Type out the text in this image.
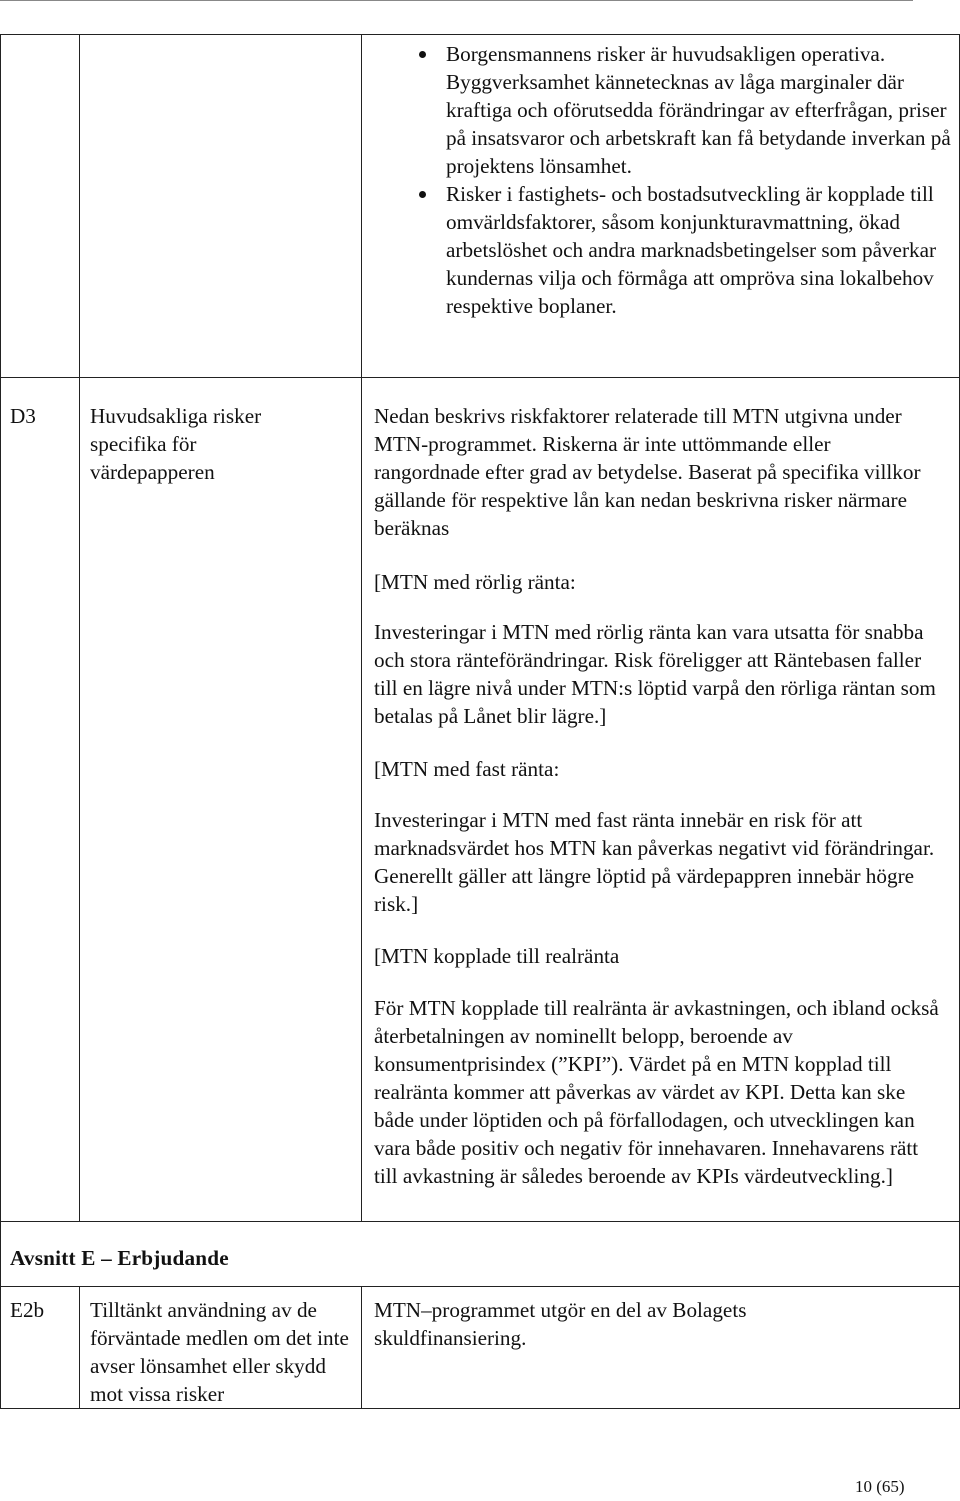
Borgensmannens risker är huvudsakligen operativa. Byggverksamhet kännetecknas av låga marginaler där kraftiga och oförutsedda förändringar av efterfrågan, priser på insatsvaror och arbetskraft kan få betydande inverkan på projektens lönsamhet.
Risker i fastighets- och bostadsutveckling är kopplade till omvärldsfaktorer, såsom konjunkturavmattning, ökad arbetslöshet och andra marknadsbetingelser som påverkar kundernas vilja och förmåga att ompröva sina lokalbehov respektive boplaner.

D3	Huvudsakliga risker specifika för värdepapperen

Nedan beskrivs riskfaktorer relaterade till MTN utgivna under MTN-programmet. Riskerna är inte uttömmande eller rangordnade efter grad av betydelse. Baserat på specifika villkor gällande för respektive lån kan nedan beskrivna risker närmare beräknas

[MTN med rörlig ränta:

Investeringar i MTN med rörlig ränta kan vara utsatta för snabba och stora ränteförändringar. Risk föreligger att Räntebasen faller till en lägre nivå under MTN:s löptid varpå den rörliga räntan som betalas på Lånet blir lägre.]

[MTN med fast ränta:

Investeringar i MTN med fast ränta innebär en risk för att marknadsvärdet hos MTN kan påverkas negativt vid förändringar. Generellt gäller att längre löptid på värdepappren innebär högre risk.]

[MTN kopplade till realränta

För MTN kopplade till realränta är avkastningen, och ibland också återbetalningen av nominellt belopp, beroende av konsumentprisindex (”KPI”). Värdet på en MTN kopplad till realränta kommer att påverkas av värdet av KPI. Detta kan ske både under löptiden och på förfallodagen, och utvecklingen kan vara både positiv och negativ för innehavaren. Innehavarens rätt till avkastning är således beroende av KPIs värdeutveckling.]

Avsnitt E – Erbjudande

E2b Tilltänkt användning av de förväntade medlen om det inte avser lönsamhet eller skydd mot vissa risker

MTN–programmet utgör en del av Bolagets skuldfinansiering.

10 (65)
